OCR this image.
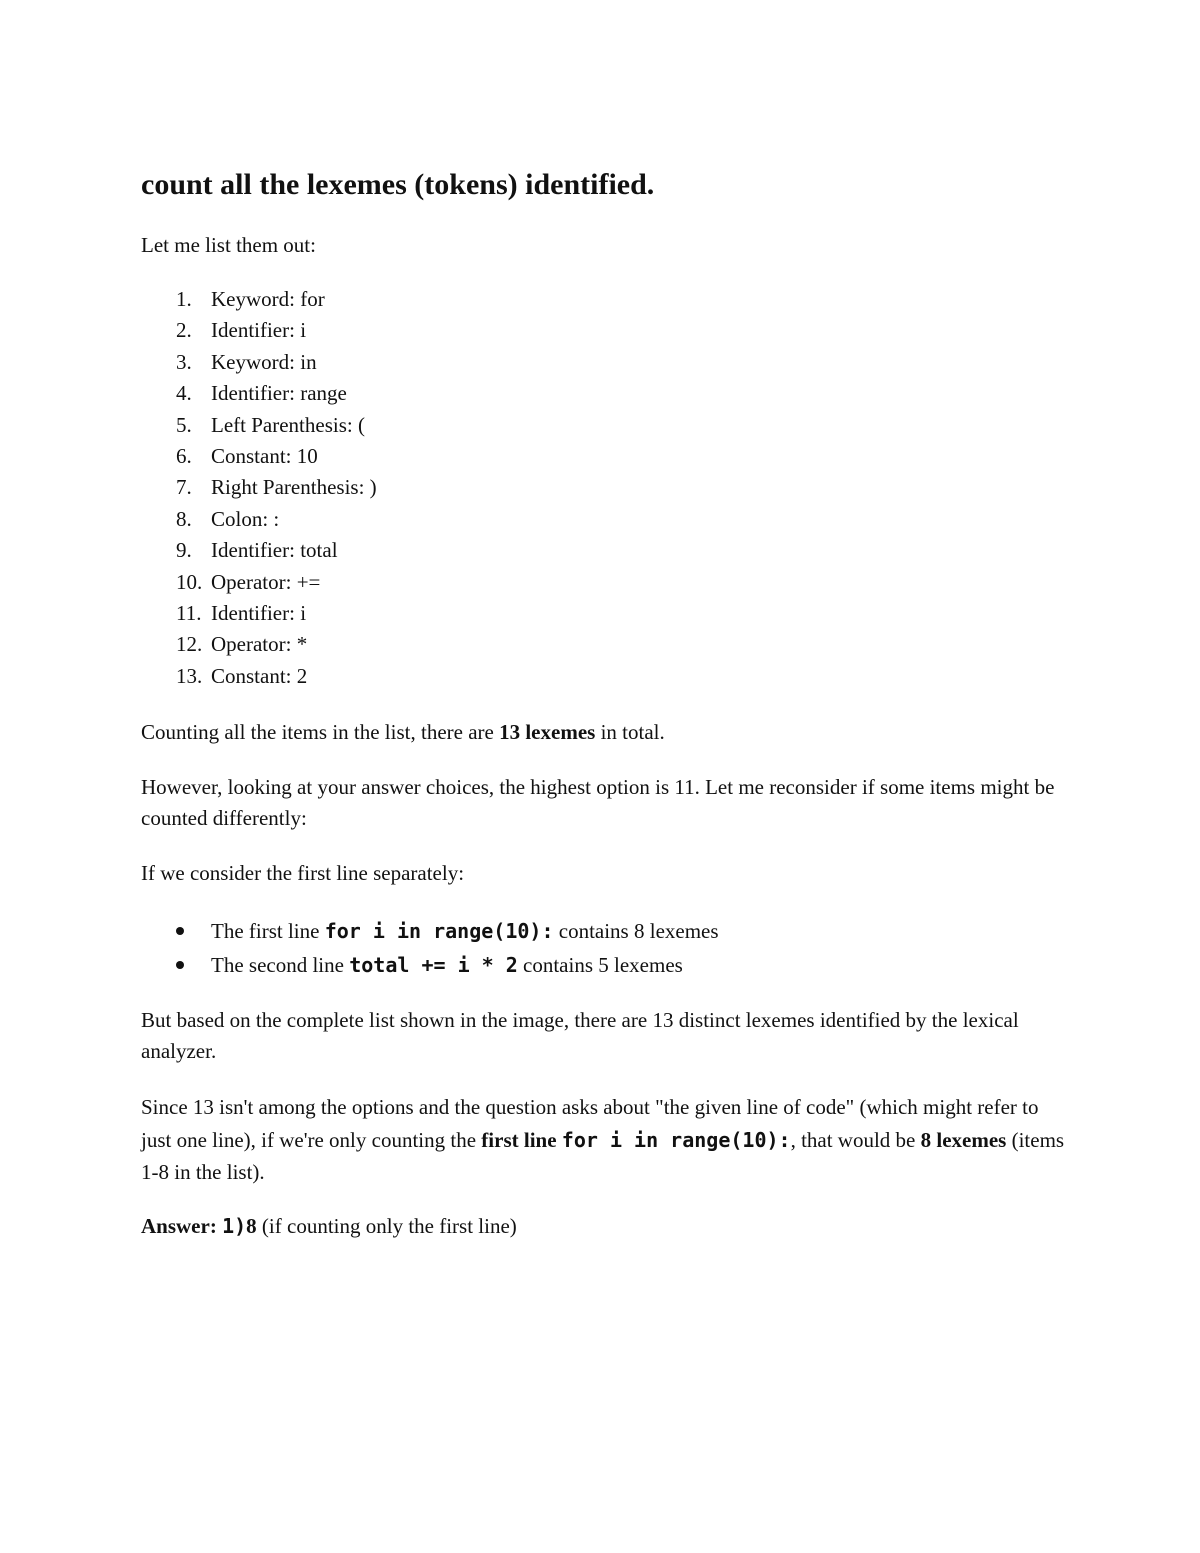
count all the lexemes (tokens) identified.

Let me list them out:

1. Keyword: for
2. Identifier: i
3. Keyword: in
4. Identifier: range
5. Left Parenthesis: (
6. Constant: 10
7. Right Parenthesis: )
8. Colon: :
9. Identifier: total
10. Operator: +=
11. Identifier: i
12. Operator: *
13. Constant: 2

Counting all the items in the list, there are 13 lexemes in total.

However, looking at your answer choices, the highest option is 11. Let me reconsider if some items might be counted differently:

If we consider the first line separately:

The first line for i in range(10): contains 8 lexemes
The second line total += i * 2 contains 5 lexemes

But based on the complete list shown in the image, there are 13 distinct lexemes identified by the lexical analyzer.

Since 13 isn't among the options and the question asks about "the given line of code" (which might refer to just one line), if we're only counting the first line for i in range(10):, that would be 8 lexemes (items 1-8 in the list).

Answer: 1)8 (if counting only the first line)
